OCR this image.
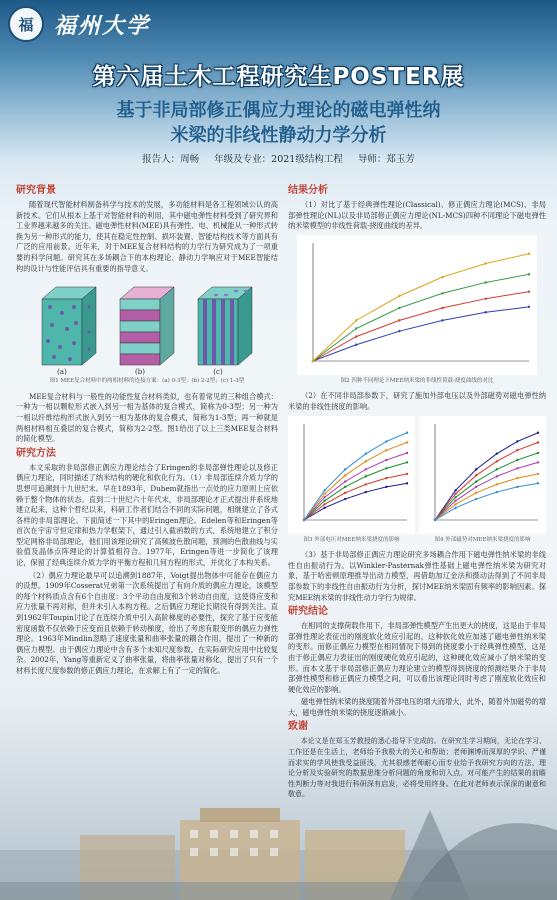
福 福州大学
第六届土木工程研究生POSTER展
基于非局部修正偶应力理论的磁电弹性纳
米梁的非线性静动力学分析
报告人：周畅 年级及专业：2021级结构工程 导师：郑玉芳
研究背景

随着现代智能材料制备科学与技术的发展，多功能材料是各工程领域公认的高新技术。它们从根本上基于对智能材料的利用，其中磁电弹性材料受到了研究界和工业界越来越多的关注。磁电弹性材料(MEE)具有弹性、电、机械能从一种形式转换为另一种形式的能力，使其在稳定性控制、损坏装置、智能结构技术等方面具有广泛的应用前景。近年来，对于MEE复合材料结构的力学行为研究成为了一项重要的科学问题。研究其在多场耦合下的本构理论、静动力学响应对于MEE智能结构的设计与性能评估具有重要的指导意义。

(a)	(b)	(c)
图1 MEE复合材料中的两相材料的连接方案：(a) 0-3型；(b) 2-2型；(c) 1-3型

MEE复合材料与一般性的功能性复合材料类似，也有着常见的三种组合模式：一种为一相以颗粒形式嵌入到另一相为基体的复合模式，简称为0-3型；另一种为一相以纤维结构形式嵌入到另一相为基体的复合模式，简称为1-3型；再一种就是两相材料相互叠层的复合模式，简称为2-2型。图1给出了以上三类MEE复合材料的简化模型。

研究方法

本文采取的非局部修正偶应力理论结合了Eringen的非局部弹性理论以及修正偶应力理论，同时描述了纳米结构的硬化和软化行为。（1）非局部连续介质力学的思想可追溯到十九世纪末。早在1893年，Duhem就指出一点处的应力原则上应依赖于整个物体的状态。直到二十世纪六十年代末，非局部理论才正式提出并系统地建立起来，这种个哲纪以来，科研工作者们结合不同的实际问题，相继建立了各式各样的非局部理论。下面简述一下其中的Eringen理论。Edelen等和Eringen等首次在宇宙守恒定律和热力学框架下，通过引入截函数的方式，系统地建立了积分型定网格非局部理论，他们用该理论研究了高频波色散问题，预测的色散曲线与实验值及晶体点阵理论的计算值相符合。1977年，Eringen等进一步简化了该理论，保留了经典连续介质力学的平衡方程和几何方程的形式，并优化了本构关系。

（2）偶应力理论最早可以追溯到1887年，Voigt提出物体中可能存在偶应力的设想。1909年Cosserat兄弟第一次系统提出了有向介质的偶应力理论，该模型的每个材料质点含有6个自由度：3个平动自由度和3个转动自由度，这使得应变和应力张量不再对称，但并未引入本构方程。之后偶应力理论长期没有得到关注。直到1962年Toupin讨论了在连续介质中引入高阶梯度的必要性，探究了基于应变能密度函数不仅依赖于应变而且依赖于转动梯度，给出了考虑有限变形的偶应力弹性理论。1963年Mindlin忽略了速度张量和曲率张量的耦合作用，提出了一种新的偶应力模型。由于偶应力理论中含有多个未知尺度参数，在实际研究应用中比较复杂。2002年，Yang等重新定义了曲率张量，将曲率张量对称化，提出了只有一个材料长度尺度参数的修正偶应力理论，在求解上有了一定的简化。

结果分析

（1）对比了基于经典弹性理论(Classical)、修正偶应力理论(MCS)、非局部弹性理论(NL)以及非局部修正偶应力理论(NL-MCS)四种不同理论下磁电弹性纳米梁模型的非线性荷载-挠度曲线的差异。

图2 四种不同理论下MEE纳米梁的非线性荷载-挠度曲线的对比

（2）在不同非局部参数下，研究了施加外部电压以及外部磁势对磁电弹性纳米梁的非线性挠度的影响。

图3 外部电压对MEE纳米梁挠度的影响	图4 外部磁势对MEE纳米梁挠度的影响

（3）基于非局部修正偶应力理论研究多场耦合作用下磁电弹性纳米梁的非线性自由振动行为。以Winkler-Pasternak弹性基础上磁电弹性纳米梁为研究对象，基于哈密顿原理推导出动力模型，再借助加辽金法和摄动法得到了不同非局部参数下的非线性自由振动行为分析，探讨MEE纳米梁固有频率的影响因素。探究MEE纳米梁的非线性动力学行为规律。

研究结论

在相同的支撑荷载作用下，非局部弹性模型产生出更大的挠度，这是由于非局部弹性理论表征出的刚度软化效应引起的，这种软化效应加速了磁电弹性纳米梁的变形。而修正偶应力模型在相同情况下得到的挠度要小于经典弹性模型，这是由于修正偶应力表征出的刚度硬化效应引起的，这种硬化效应减小了纳米梁的变形。而本文基于非局部修正偶应力理论建立的模型得到挠度的预测结果介于非局部弹性模型和修正偶应力模型之间，可以看出该理论同时考虑了刚度软化效应和硬化效应的影响。

磁电弹性纳米梁的挠度随着外部电压的增大而增大，此外，随着外加磁势的增大，磁电弹性纳米梁的挠度逐渐减小。

致谢

本论文是在郑玉芳教授的悉心指导下完成的。在研究生学习期间，无论在学习、工作还是在生活上，老师给予我极大的关心和帮助；老师渊博而深厚的学识、严谨而求实的学风使我受益匪浅，尤其很感老师耐心而专业给予我研究方向的方法，理论分析及实验研究的数据思维分析问题的角度和切入点，对可能产生的结果的前瞻性判断力等对我进行科研深有启发，必将受用终身。在此对老师表示深深的谢意和敬意。
